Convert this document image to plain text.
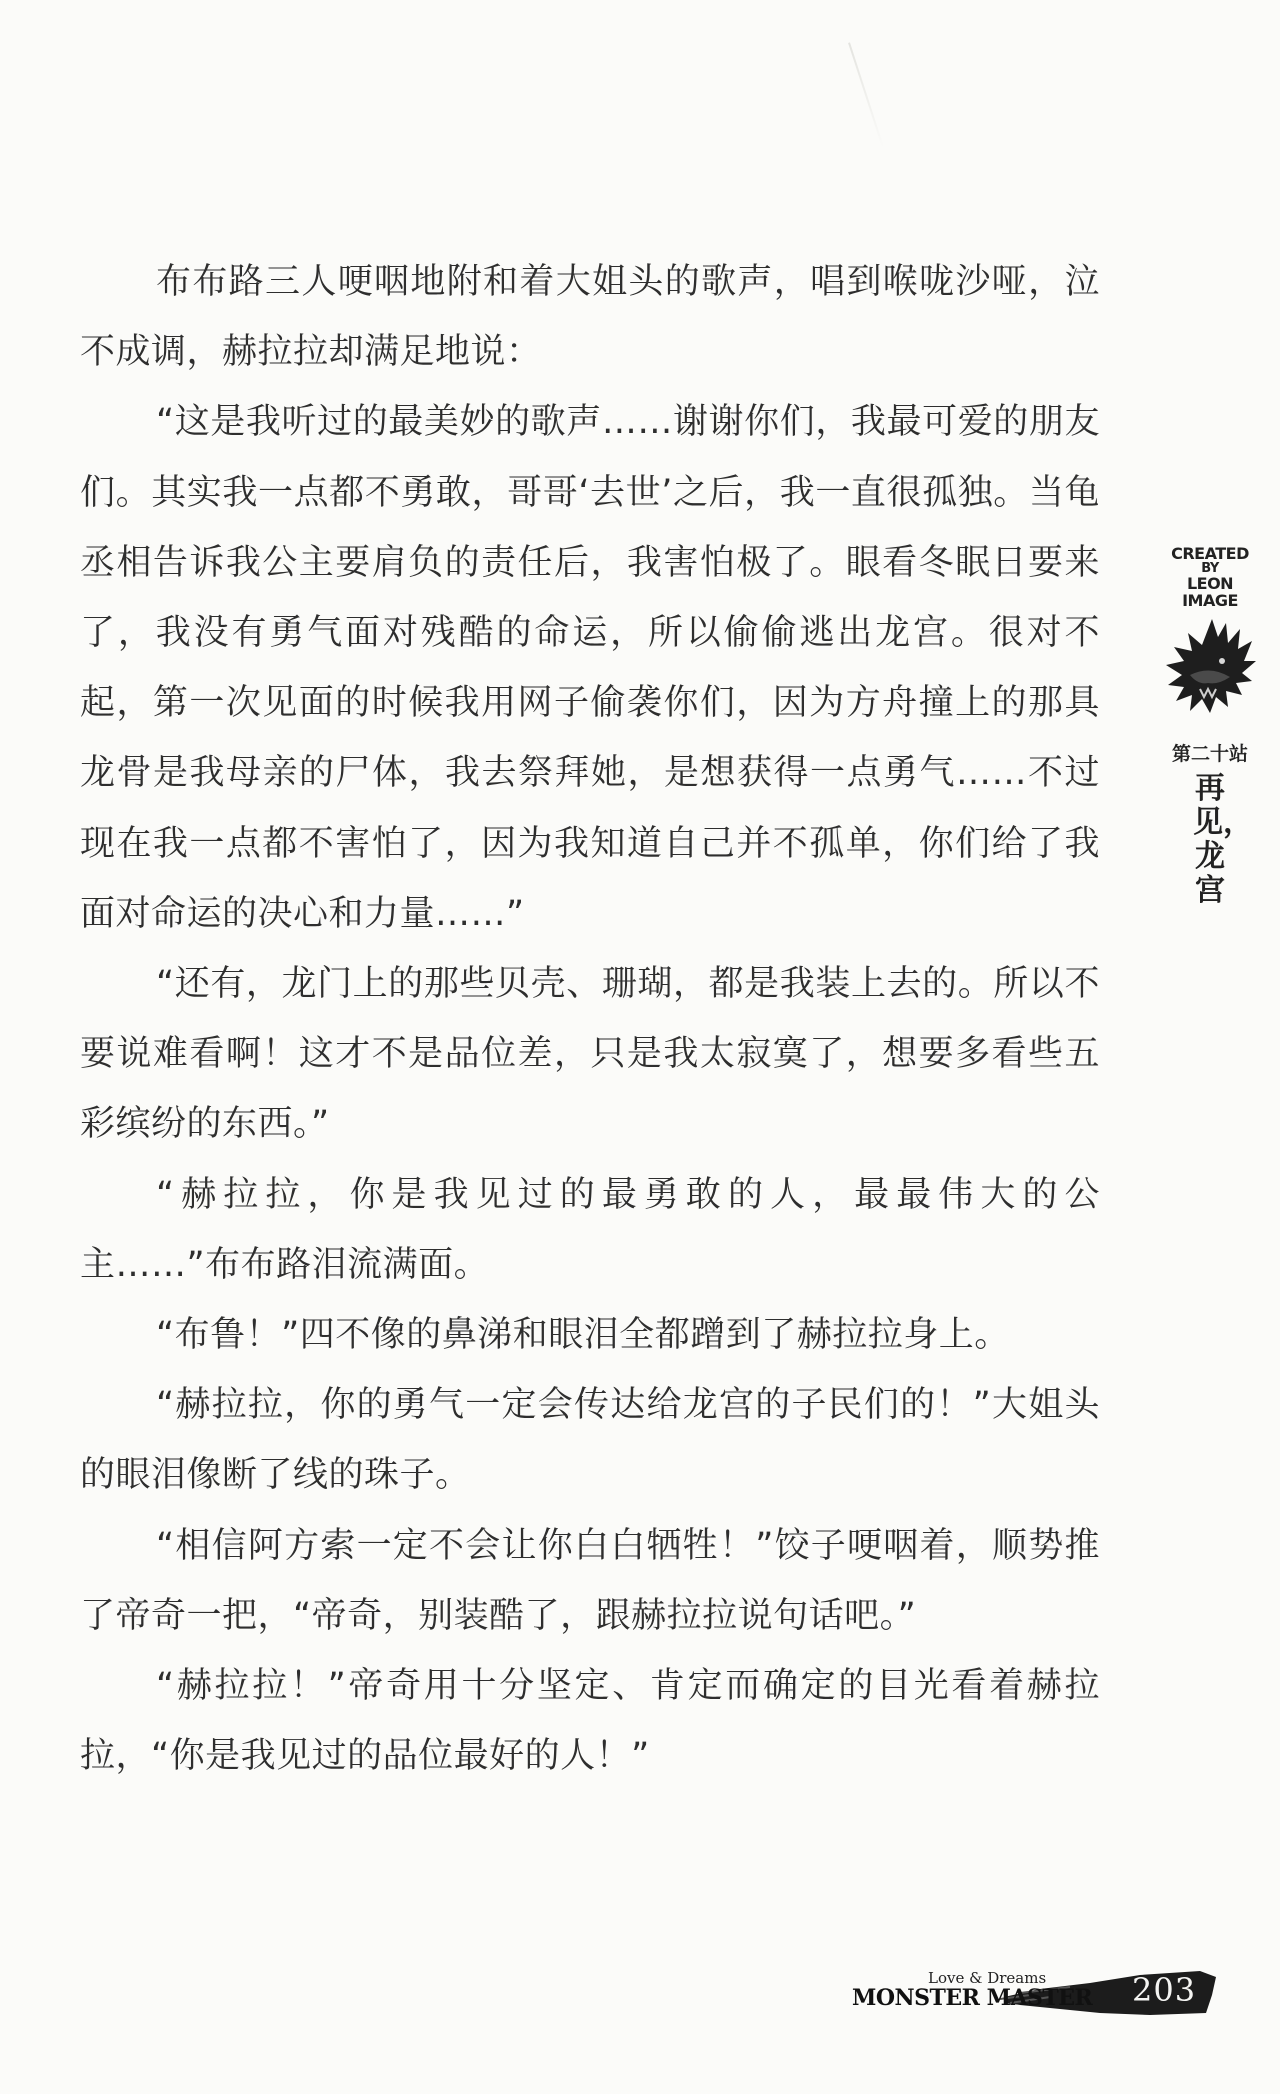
布布路三人哽咽地附和着大姐头的歌声，唱到喉咙沙哑，泣不成调，赫拉拉却满足地说：

“这是我听过的最美妙的歌声……谢谢你们，我最可爱的朋友们。其实我一点都不勇敢，哥哥‘去世’之后，我一直很孤独。当龟丞相告诉我公主要肩负的责任后，我害怕极了。眼看冬眠日要来了，我没有勇气面对残酷的命运，所以偷偷逃出龙宫。很对不起，第一次见面的时候我用网子偷袭你们，因为方舟撞上的那具龙骨是我母亲的尸体，我去祭拜她，是想获得一点勇气……不过现在我一点都不害怕了，因为我知道自己并不孤单，你们给了我面对命运的决心和力量……”

“还有，龙门上的那些贝壳、珊瑚，都是我装上去的。所以不要说难看啊！这才不是品位差，只是我太寂寞了，想要多看些五彩缤纷的东西。”

“赫拉拉，你是我见过的最勇敢的人，最最伟大的公主……”布布路泪流满面。

“布鲁！”四不像的鼻涕和眼泪全都蹭到了赫拉拉身上。

“赫拉拉，你的勇气一定会传达给龙宫的子民们的！”大姐头的眼泪像断了线的珠子。

“相信阿方索一定不会让你白白牺牲！”饺子哽咽着，顺势推了帝奇一把，“帝奇，别装酷了，跟赫拉拉说句话吧。”

“赫拉拉！”帝奇用十分坚定、肯定而确定的目光看着赫拉拉，“你是我见过的品位最好的人！”

CREATED
BY
LEON
IMAGE
第二十站
再见，龙宫
Love & Dreams
MONSTER MASTER 203
